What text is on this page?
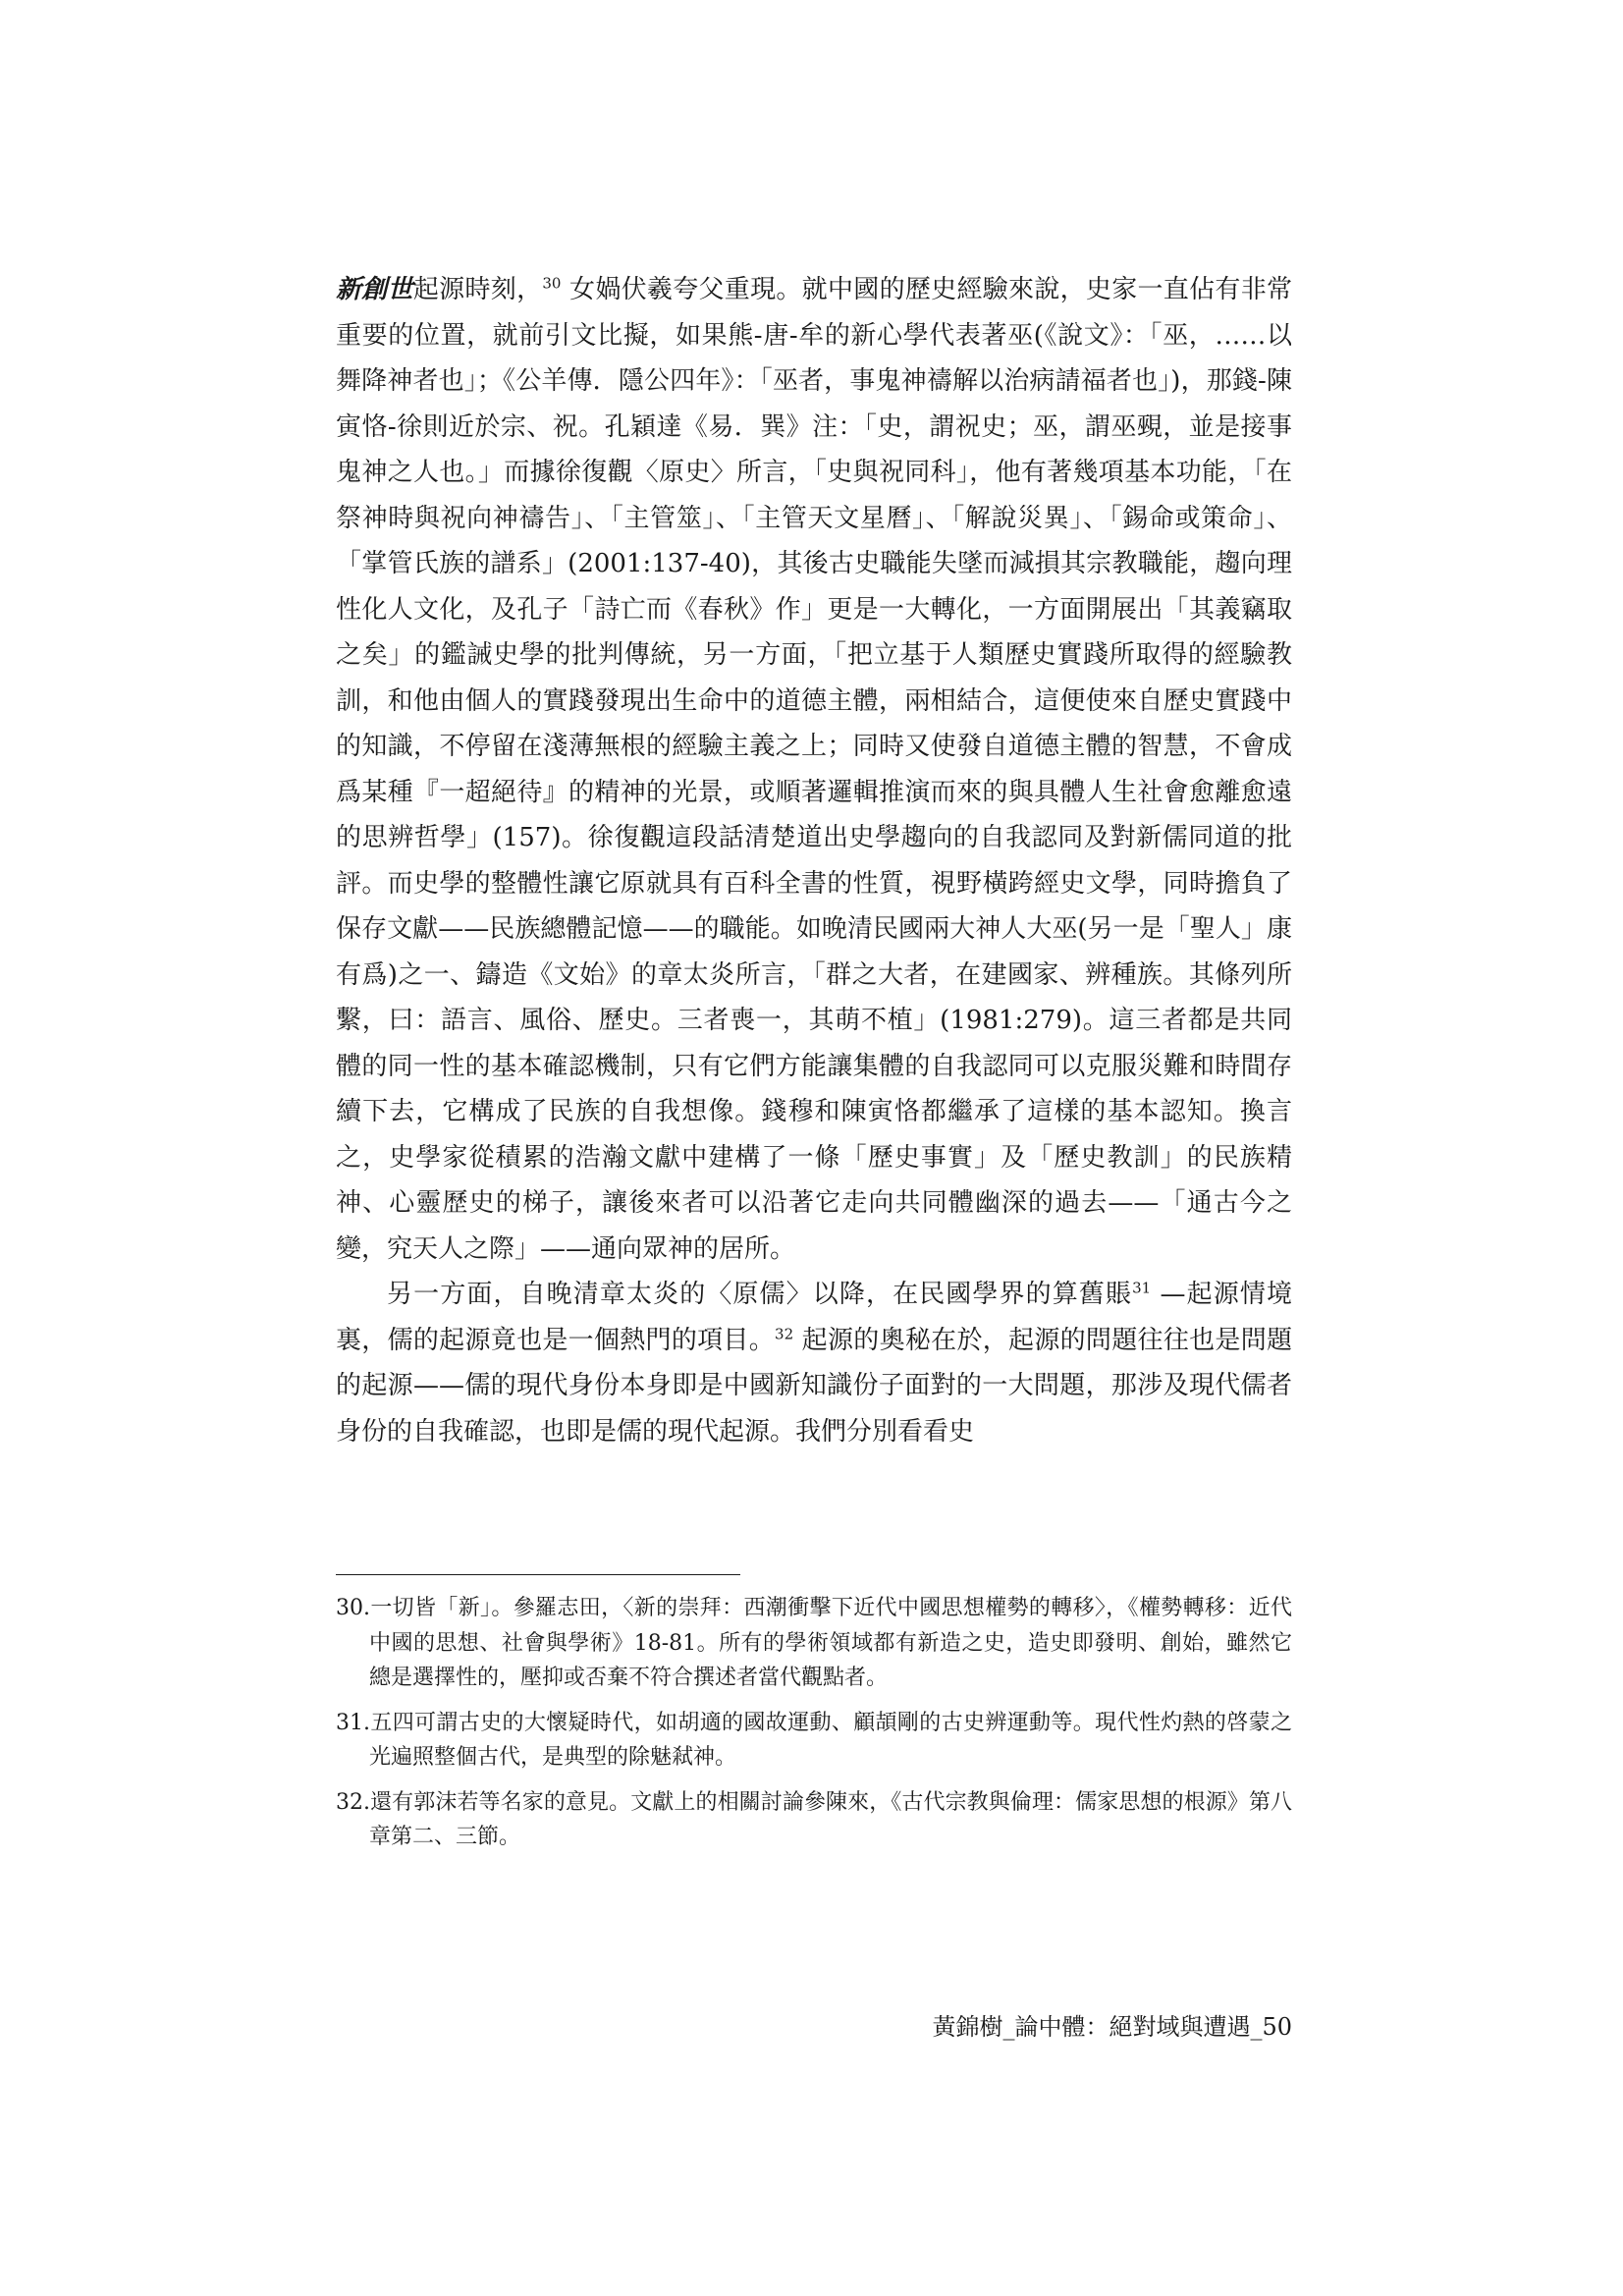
新創世起源時刻，$^{30}$ 女媧伏羲夸父重現。就中國的歷史經驗來說，史家一直佔有非常重要的位置，就前引文比擬，如果熊-唐-牟的新心學代表著巫(《說文》：「巫，……以舞降神者也」；《公羊傳．隱公四年》：「巫者，事鬼神禱解以治病請福者也」)，那錢-陳寅恪-徐則近於宗、祝。孔穎達《易．巽》注：「史，謂祝史；巫，謂巫覡，並是接事鬼神之人也。」而據徐復觀〈原史〉所言，「史與祝同科」，他有著幾項基本功能，「在祭神時與祝向神禱告」、「主管筮」、「主管天文星曆」、「解說災異」、「錫命或策命」、「掌管氏族的譜系」(2001:137-40)，其後古史職能失墜而減損其宗教職能，趨向理性化人文化，及孔子「詩亡而《春秋》作」更是一大轉化，一方面開展出「其義竊取之矣」的鑑誡史學的批判傳統，另一方面，「把立基于人類歷史實踐所取得的經驗教訓，和他由個人的實踐發現出生命中的道德主體，兩相結合，這便使來自歷史實踐中的知識，不停留在淺薄無根的經驗主義之上；同時又使發自道德主體的智慧，不會成爲某種『一超絕待』的精神的光景，或順著邏輯推演而來的與具體人生社會愈離愈遠的思辨哲學」(157)。徐復觀這段話清楚道出史學趨向的自我認同及對新儒同道的批評。而史學的整體性讓它原就具有百科全書的性質，視野橫跨經史文學，同時擔負了保存文獻——民族總體記憶——的職能。如晚清民國兩大神人大巫(另一是「聖人」康有爲)之一、鑄造《文始》的章太炎所言，「群之大者，在建國家、辨種族。其條列所繫，曰：語言、風俗、歷史。三者喪一，其萌不植」(1981:279)。這三者都是共同體的同一性的基本確認機制，只有它們方能讓集體的自我認同可以克服災難和時間存續下去，它構成了民族的自我想像。錢穆和陳寅恪都繼承了這樣的基本認知。換言之，史學家從積累的浩瀚文獻中建構了一條「歷史事實」及「歷史教訓」的民族精神、心靈歷史的梯子，讓後來者可以沿著它走向共同體幽深的過去——「通古今之變，究天人之際」——通向眾神的居所。

另一方面，自晚清章太炎的〈原儒〉以降，在民國學界的算舊賬$^{31}$ —起源情境裏，儒的起源竟也是一個熱門的項目。$^{32}$ 起源的奧秘在於，起源的問題往往也是問題的起源——儒的現代身份本身即是中國新知識份子面對的一大問題，那涉及現代儒者身份的自我確認，也即是儒的現代起源。我們分別看看史

30.一切皆「新」。參羅志田，〈新的崇拜：西潮衝擊下近代中國思想權勢的轉移〉，《權勢轉移：近代中國的思想、社會與學術》18-81。所有的學術領域都有新造之史，造史即發明、創始，雖然它總是選擇性的，壓抑或否棄不符合撰述者當代觀點者。

31.五四可謂古史的大懷疑時代，如胡適的國故運動、顧頡剛的古史辨運動等。現代性灼熱的啓蒙之光遍照整個古代，是典型的除魅弒神。

32.還有郭沫若等名家的意見。文獻上的相關討論參陳來，《古代宗教與倫理：儒家思想的根源》第八章第二、三節。

黃錦樹_論中體：絕對域與遭遇_50
